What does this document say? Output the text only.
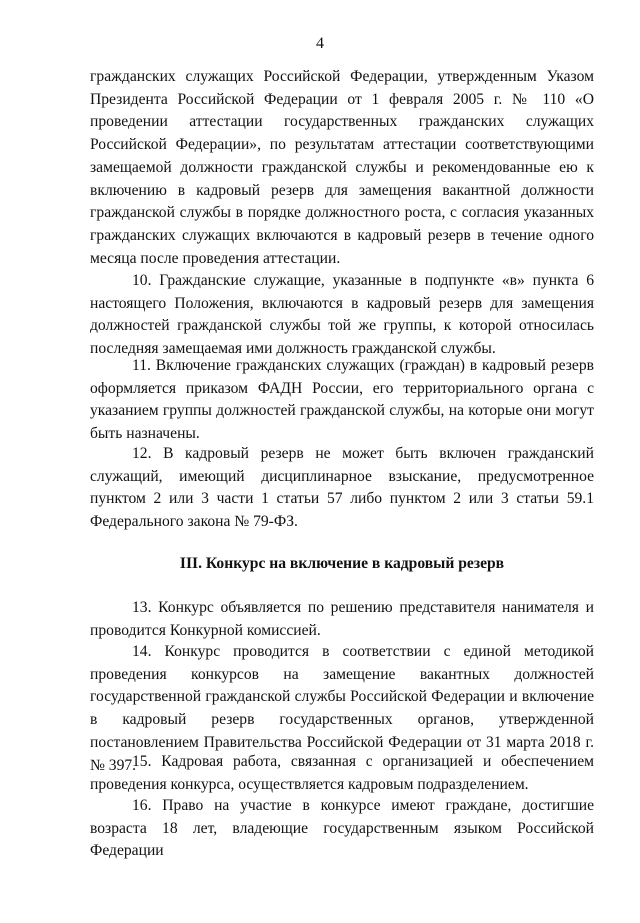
4

гражданских служащих Российской Федерации, утвержденным Указом Президента Российской Федерации от 1 февраля 2005 г. № 110 «О проведении аттестации государственных гражданских служащих Российской Федерации», по результатам аттестации соответствующими замещаемой должности гражданской службы и рекомендованные ею к включению в кадровый резерв для замещения вакантной должности гражданской службы в порядке должностного роста, с согласия указанных гражданских служащих включаются в кадровый резерв в течение одного месяца после проведения аттестации.

10. Гражданские служащие, указанные в подпункте «в» пункта 6 настоящего Положения, включаются в кадровый резерв для замещения должностей гражданской службы той же группы, к которой относилась последняя замещаемая ими должность гражданской службы.

11. Включение гражданских служащих (граждан) в кадровый резерв оформляется приказом ФАДН России, его территориального органа с указанием группы должностей гражданской службы, на которые они могут быть назначены.

12. В кадровый резерв не может быть включен гражданский служащий, имеющий дисциплинарное взыскание, предусмотренное пунктом 2 или 3 части 1 статьи 57 либо пунктом 2 или 3 статьи 59.1 Федерального закона № 79-ФЗ.

III. Конкурс на включение в кадровый резерв

13. Конкурс объявляется по решению представителя нанимателя и проводится Конкурной комиссией.

14. Конкурс проводится в соответствии с единой методикой проведения конкурсов на замещение вакантных должностей государственной гражданской службы Российской Федерации и включение в кадровый резерв государственных органов, утвержденной постановлением Правительства Российской Федерации от 31 марта 2018 г. № 397.

15. Кадровая работа, связанная с организацией и обеспечением проведения конкурса, осуществляется кадровым подразделением.

16. Право на участие в конкурсе имеют граждане, достигшие возраста 18 лет, владеющие государственным языком Российской Федерации
